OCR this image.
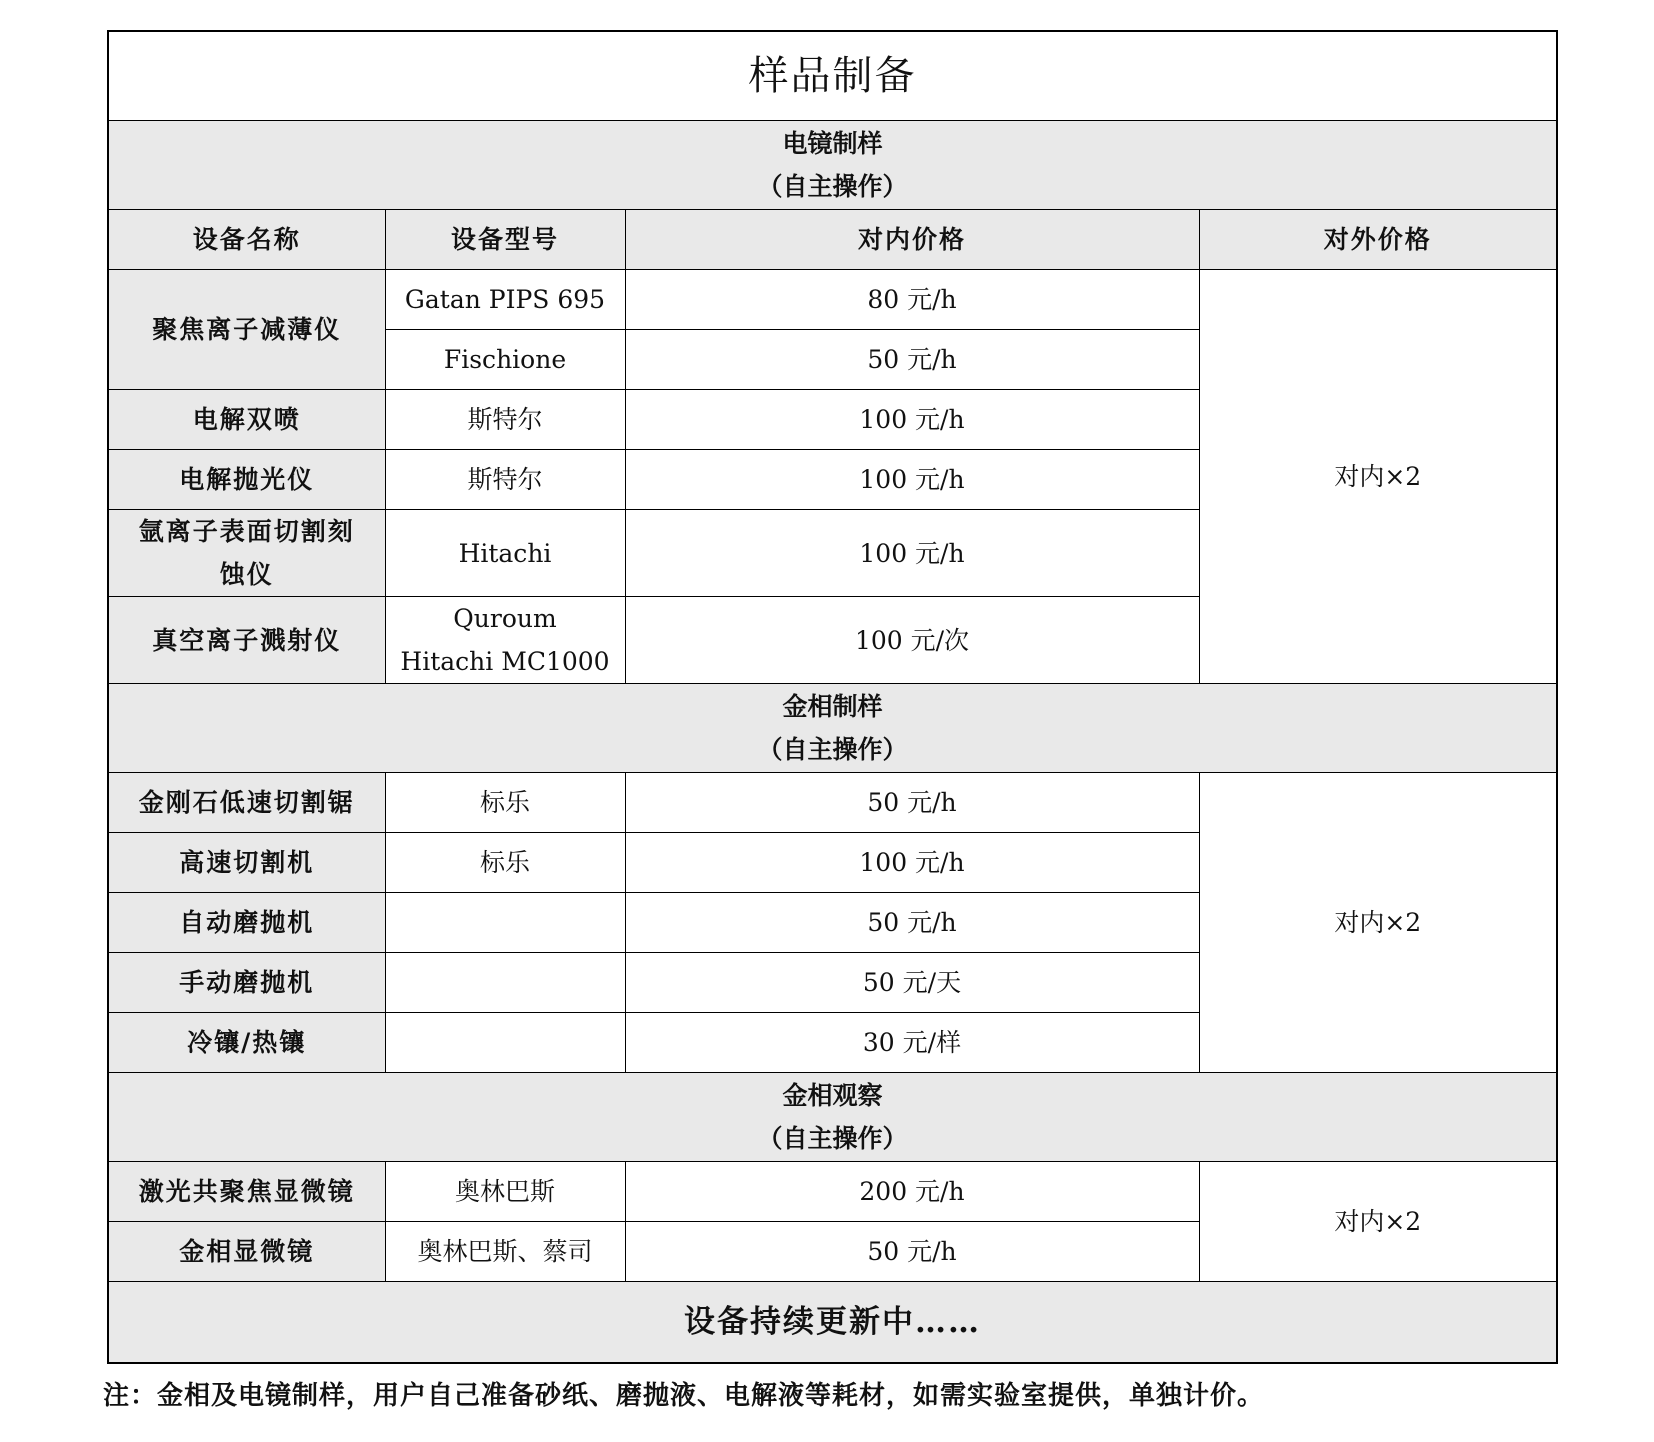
样品制备			

电镜制样
（自主操作）			

设备名称	设备型号	对内价格	对外价格
聚焦离子减薄仪	Gatan PIPS 695	80 元/h	对内×2
	Fischione	50 元/h	
电解双喷	斯特尔	100 元/h	
电解抛光仪	斯特尔	100 元/h	

氩离子表面切割刻
蚀仪	Hitachi	100 元/h	
真空离子溅射仪	Quroum
Hitachi MC1000	100 元/次	

金相制样
（自主操作）			

金刚石低速切割锯	标乐	50 元/h	对内×2
高速切割机	标乐	100 元/h	
自动磨抛机		50 元/h	
手动磨抛机		50 元/天	
冷镶/热镶		30 元/样	

金相观察
（自主操作）			

激光共聚焦显微镜	奥林巴斯	200 元/h	对内×2
金相显微镜	奥林巴斯、蔡司	50 元/h	
设备持续更新中……			
注：金相及电镜制样，用户自己准备砂纸、磨抛液、电解液等耗材，如需实验室提供，单独计价。
